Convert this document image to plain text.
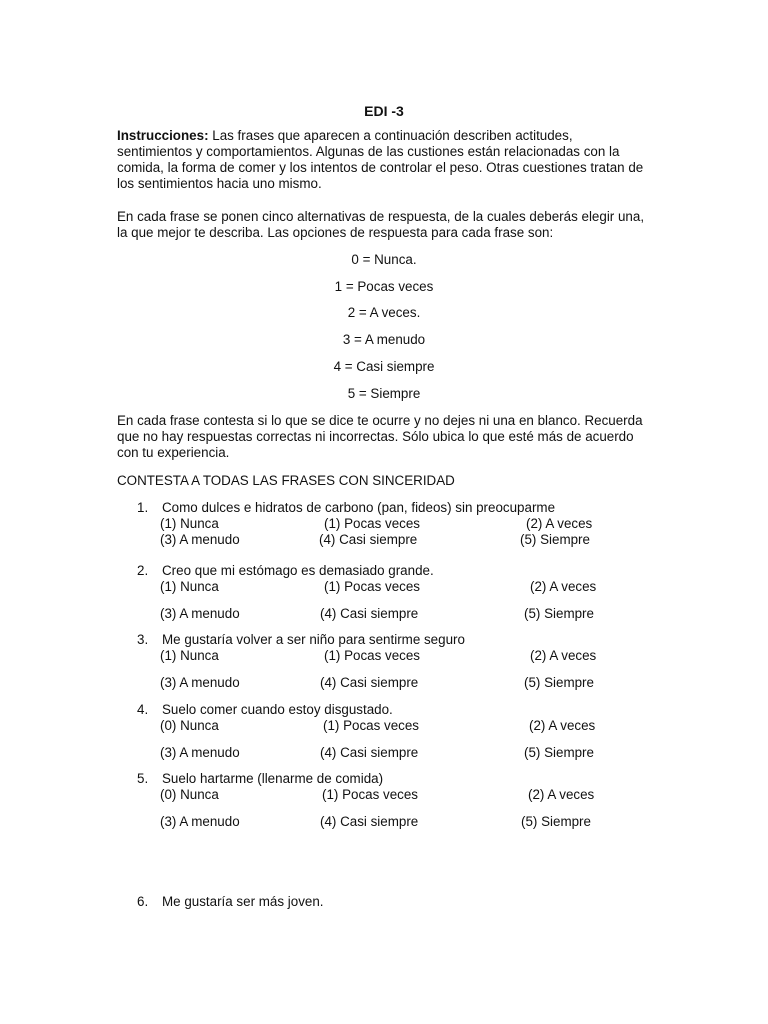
EDI -3

Instrucciones: Las frases que aparecen a continuación describen actitudes, sentimientos y comportamientos. Algunas de las custiones están relacionadas con la comida, la forma de comer y los intentos de controlar el peso. Otras cuestiones tratan de los sentimientos hacia uno mismo.

En cada frase se ponen cinco alternativas de respuesta, de la cuales deberás elegir una, la que mejor te describa. Las opciones de respuesta para cada frase son:

0 = Nunca.
1 = Pocas veces
2 = A veces.
3 = A menudo
4 = Casi siempre
5 = Siempre

En cada frase contesta si lo que se dice te ocurre y no dejes ni una en blanco. Recuerda que no hay respuestas correctas ni incorrectas. Sólo ubica lo que esté más de acuerdo con tu experiencia.

CONTESTA A TODAS LAS FRASES CON SINCERIDAD
1. Como dulces e hidratos de carbono (pan, fideos) sin preocuparme
(1) Nunca	(1) Pocas veces	(2) A veces
(3) A menudo	(4) Casi siempre	(5) Siempre
2. Creo que mi estómago es demasiado grande.
(1) Nunca	(1) Pocas veces	(2) A veces
(3) A menudo	(4) Casi siempre	(5) Siempre
3. Me gustaría volver a ser niño para sentirme seguro
(1) Nunca	(1) Pocas veces	(2) A veces
(3) A menudo	(4) Casi siempre	(5) Siempre
4. Suelo comer cuando estoy disgustado.
(0) Nunca	(1) Pocas veces	(2) A veces
(3) A menudo	(4) Casi siempre	(5) Siempre
5. Suelo hartarme (llenarme de comida)
(0) Nunca	(1) Pocas veces	(2) A veces
(3) A menudo	(4) Casi siempre	(5) Siempre
6. Me gustaría ser más joven.
